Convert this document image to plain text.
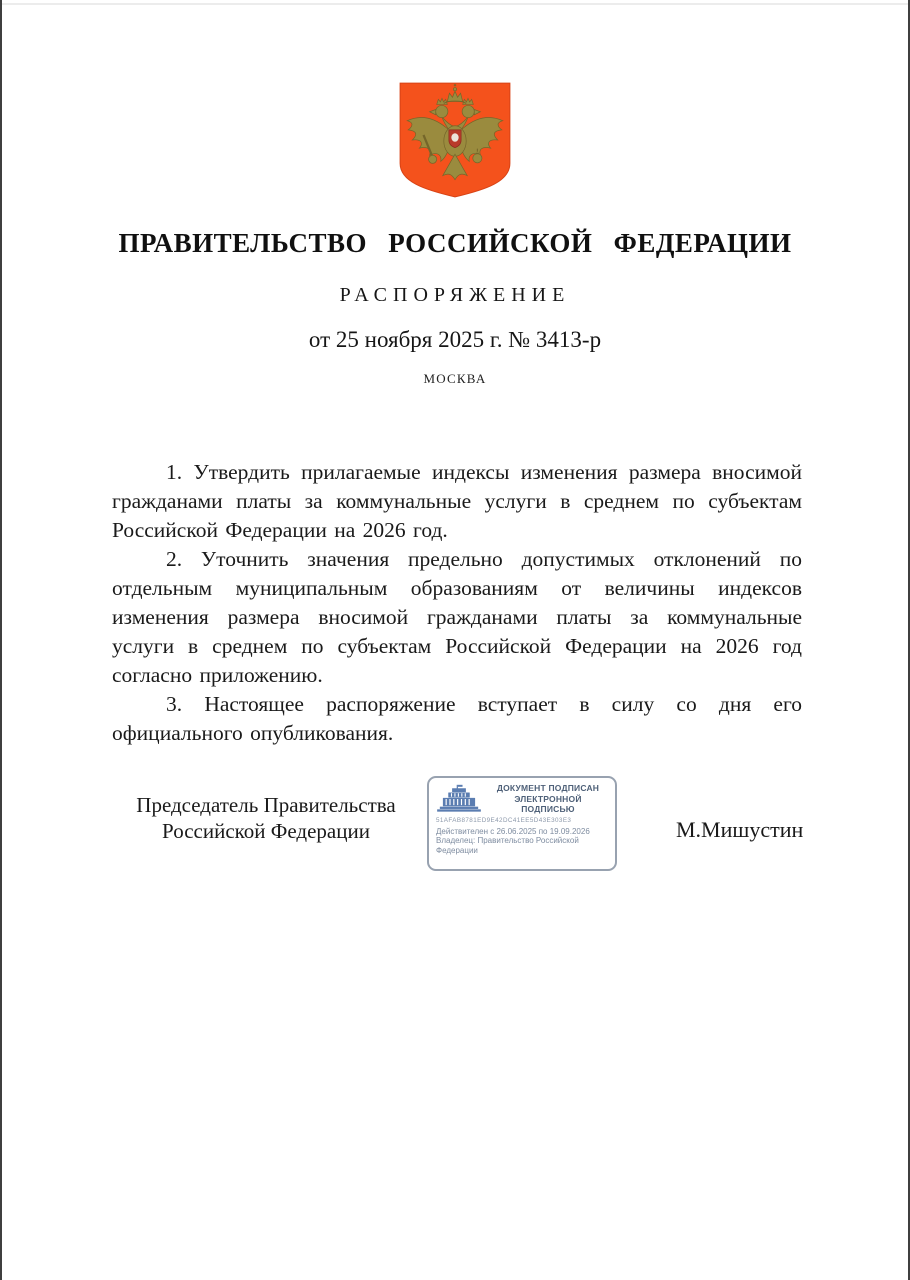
ПРАВИТЕЛЬСТВО РОССИЙСКОЙ ФЕДЕРАЦИИ
РАСПОРЯЖЕНИЕ
от 25 ноября 2025 г. № 3413-р
МОСКВА

1. Утвердить прилагаемые индексы изменения размера вносимой гражданами платы за коммунальные услуги в среднем по субъектам Российской Федерации на 2026 год.

2. Уточнить значения предельно допустимых отклонений по отдельным муниципальным образованиям от величины индексов изменения размера вносимой гражданами платы за коммунальные услуги в среднем по субъектам Российской Федерации на 2026 год согласно приложению.

3. Настоящее распоряжение вступает в силу со дня его официального опубликования.

Председатель Правительства
Российской Федерации
ДОКУМЕНТ ПОДПИСАН
ЭЛЕКТРОННОЙ ПОДПИСЬЮ
51AFAB8781ED9E42DC41EE5D43E303E3
Действителен с 26.06.2025 по 19.09.2026
Владелец: Правительство Российской
Федерации
М.Мишустин
